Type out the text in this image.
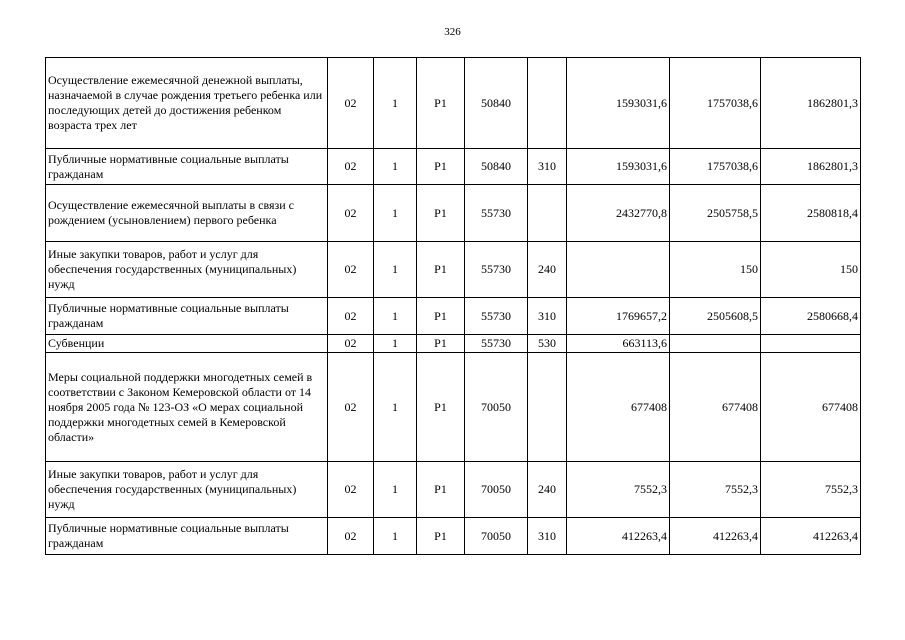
326
Осуществление ежемесячной денежной выплаты, назначаемой в случае рождения третьего ребенка или последующих детей до достижения ребенком возраста трех лет	02	1	Р1	50840		1593031,6	1757038,6	1862801,3
Публичные нормативные социальные выплаты гражданам	02	1	Р1	50840	310	1593031,6	1757038,6	1862801,3
Осуществление ежемесячной выплаты в связи с рождением (усыновлением) первого ребенка	02	1	Р1	55730		2432770,8	2505758,5	2580818,4
Иные закупки товаров, работ и услуг для обеспечения государственных (муниципальных) нужд	02	1	Р1	55730	240		150	150
Публичные нормативные социальные выплаты гражданам	02	1	Р1	55730	310	1769657,2	2505608,5	2580668,4
Субвенции	02	1	Р1	55730	530	663113,6		
Меры социальной поддержки многодетных семей в соответствии с Законом Кемеровской области от 14 ноября 2005 года № 123-ОЗ «О мерах социальной поддержки многодетных семей в Кемеровской области»	02	1	Р1	70050		677408	677408	677408
Иные закупки товаров, работ и услуг для обеспечения государственных (муниципальных) нужд	02	1	Р1	70050	240	7552,3	7552,3	7552,3
Публичные нормативные социальные выплаты гражданам	02	1	Р1	70050	310	412263,4	412263,4	412263,4
